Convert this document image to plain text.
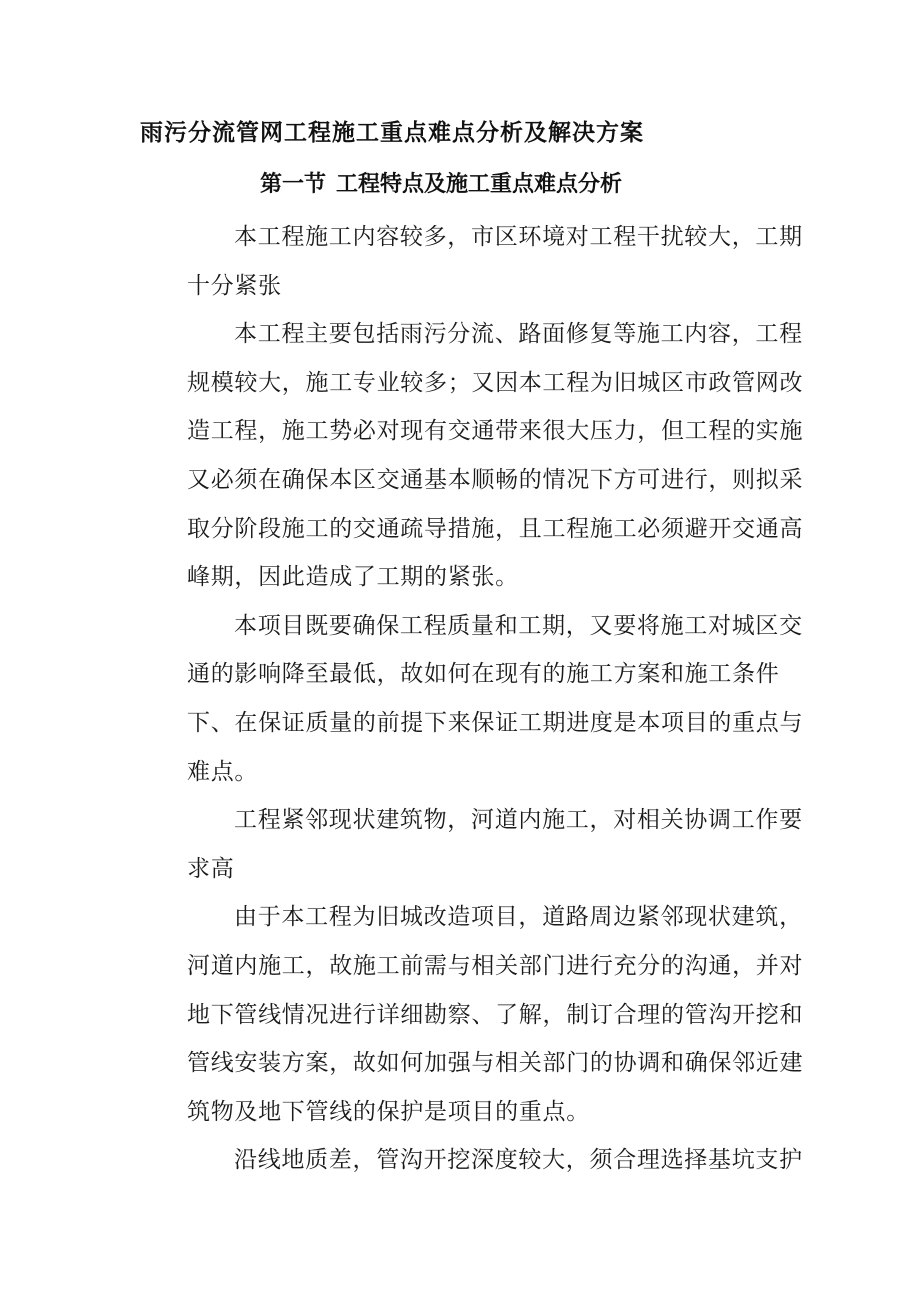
雨污分流管网工程施工重点难点分析及解决方案
第一节 工程特点及施工重点难点分析

本工程施工内容较多，市区环境对工程干扰较大，工期
十分紧张

本工程主要包括雨污分流、路面修复等施工内容，工程
规模较大，施工专业较多；又因本工程为旧城区市政管网改
造工程，施工势必对现有交通带来很大压力，但工程的实施
又必须在确保本区交通基本顺畅的情况下方可进行，则拟采
取分阶段施工的交通疏导措施，且工程施工必须避开交通高
峰期，因此造成了工期的紧张。

本项目既要确保工程质量和工期，又要将施工对城区交
通的影响降至最低，故如何在现有的施工方案和施工条件
下、在保证质量的前提下来保证工期进度是本项目的重点与
难点。

工程紧邻现状建筑物，河道内施工，对相关协调工作要
求高

由于本工程为旧城改造项目，道路周边紧邻现状建筑，
河道内施工，故施工前需与相关部门进行充分的沟通，并对
地下管线情况进行详细勘察、了解，制订合理的管沟开挖和
管线安装方案，故如何加强与相关部门的协调和确保邻近建
筑物及地下管线的保护是项目的重点。

沿线地质差，管沟开挖深度较大，须合理选择基坑支护
